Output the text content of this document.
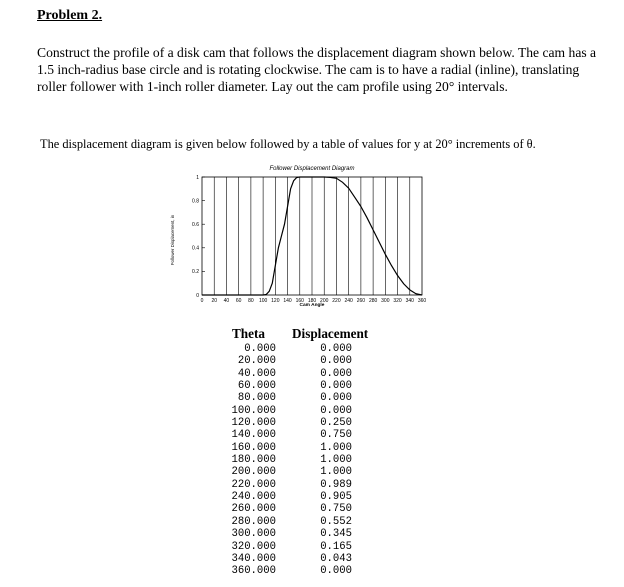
Problem 2.
Construct the profile of a disk cam that follows the displacement diagram shown below. The cam has a 1.5 inch-radius base circle and is rotating clockwise. The cam is to have a radial (inline), translating roller follower with 1-inch roller diameter. Lay out the cam profile using 20° intervals.
The displacement diagram is given below followed by a table of values for y at 20° increments of θ.
Follower Displacement Diagram
Cam Angle
Follower Displacement, in
0 20 40 60 80 100 120 140 160 180 200 220 240 260 280 300 320 340 360
0
0.2
0.4
0.6
0.8
1
Theta Displacement
0.000
20.000
40.000
60.000
80.000
100.000
120.000
140.000
160.000
180.000
200.000
220.000
240.000
260.000
280.000
300.000
320.000
340.000
360.000
0.000
0.000
0.000
0.000
0.000
0.000
0.250
0.750
1.000
1.000
1.000
0.989
0.905
0.750
0.552
0.345
0.165
0.043
0.000
